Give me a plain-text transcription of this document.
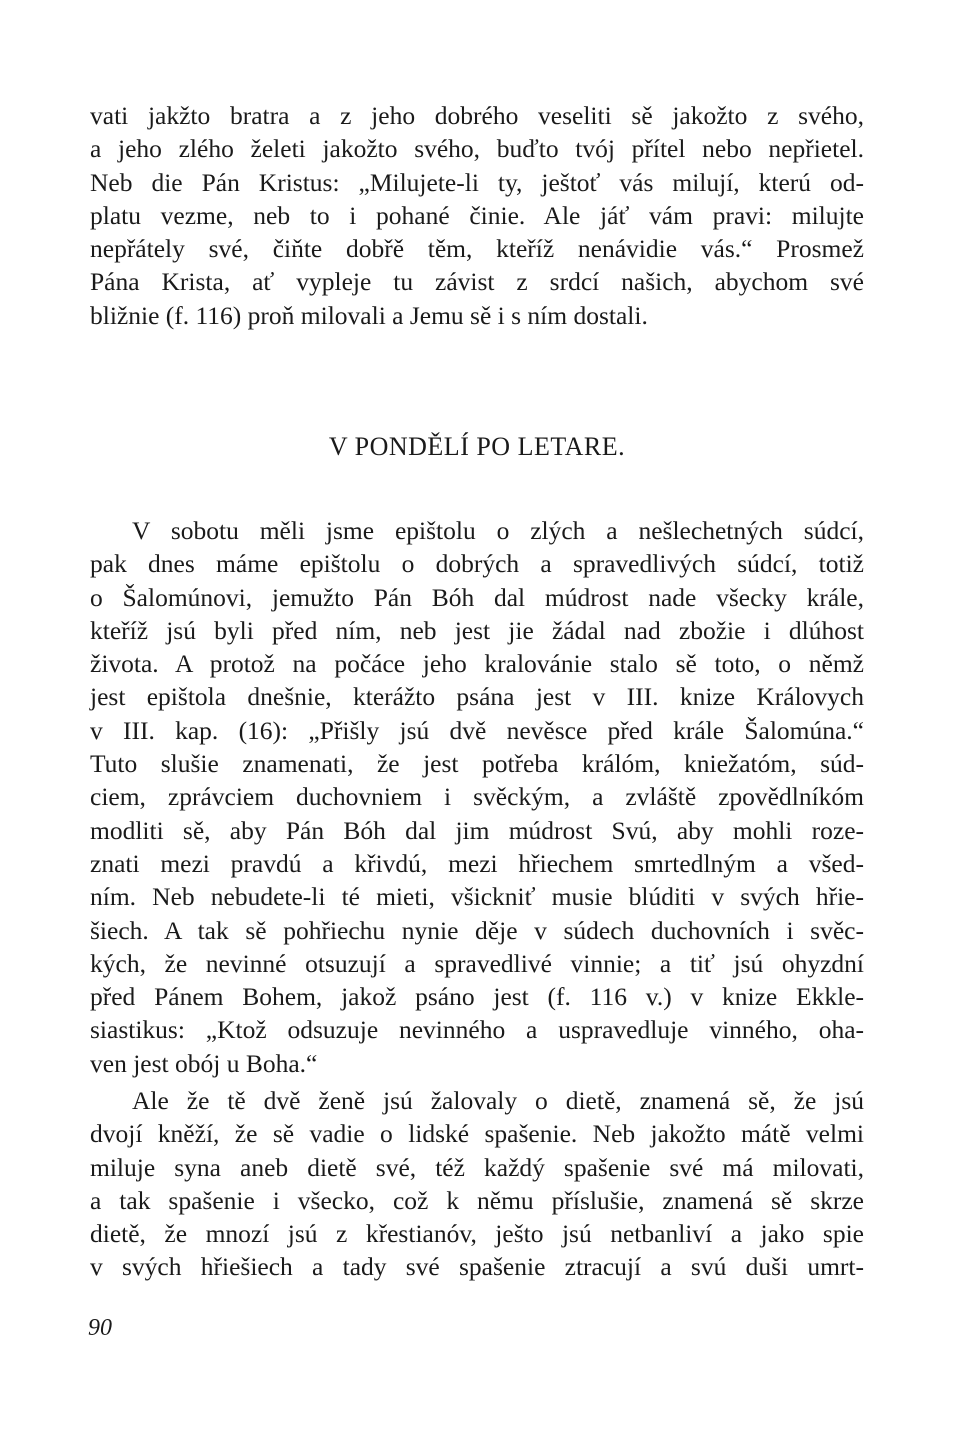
vati jakžto bratra a z jeho dobrého veseliti sě jakožto z svého,
a jeho zlého želeti jakožto svého, buďto tvój přítel nebo nepřietel.
Neb die Pán Kristus: „Milujete-li ty, ještoť vás milují, kterú od-
platu vezme, neb to i pohané činie. Ale jáť vám pravi: milujte
nepřátely své, čiňte dobřě těm, kteříž nenávidie vás.“ Prosmež
Pána Krista, ať vypleje tu závist z srdcí našich, abychom své
bližnie (f. 116) proň milovali a Jemu sě i s ním dostali.
V PONDĚLÍ PO LETARE.
V sobotu měli jsme epištolu o zlých a nešlechetných súdcí,
pak dnes máme epištolu o dobrých a spravedlivých súdcí, totiž
o Šalomúnovi, jemužto Pán Bóh dal múdrost nade všecky krále,
kteříž jsú byli před ním, neb jest jie žádal nad zbožie i dlúhost
života. A protož na počáce jeho kralovánie stalo sě toto, o němž
jest epištola dnešnie, kterážto psána jest v III. knize Královych
v III. kap. (16): „Přišly jsú dvě nevěsce před krále Šalomúna.“
Tuto slušie znamenati, že jest potřeba králóm, kniežatóm, súd-
ciem, zprávciem duchovniem i svěckým, a zvláště zpovědlníkóm
modliti sě, aby Pán Bóh dal jim múdrost Svú, aby mohli roze-
znati mezi pravdú a křivdú, mezi hřiechem smrtedlným a všed-
ním. Neb nebudete-li té mieti, všickniť musie blúditi v svých hřie-
šiech. A tak sě pohřiechu nynie děje v súdech duchovních i svěc-
kých, že nevinné otsuzují a spravedlivé vinnie; a tiť jsú ohyzdní
před Pánem Bohem, jakož psáno jest (f. 116 v.) v knize Ekkle-
siastikus: „Ktož odsuzuje nevinného a uspravedluje vinného, oha-
ven jest obój u Boha.“
Ale že tě dvě ženě jsú žalovaly o dietě, znamená sě, že jsú
dvojí kněží, že sě vadie o lidské spašenie. Neb jakožto mátě velmi
miluje syna aneb dietě své, též každý spašenie své má milovati,
a tak spašenie i všecko, což k němu příslušie, znamená sě skrze
dietě, že mnozí jsú z křestianóv, ješto jsú netbanliví a jako spie
v svých hřiešiech a tady své spašenie ztracují a svú duši umrt-

90
